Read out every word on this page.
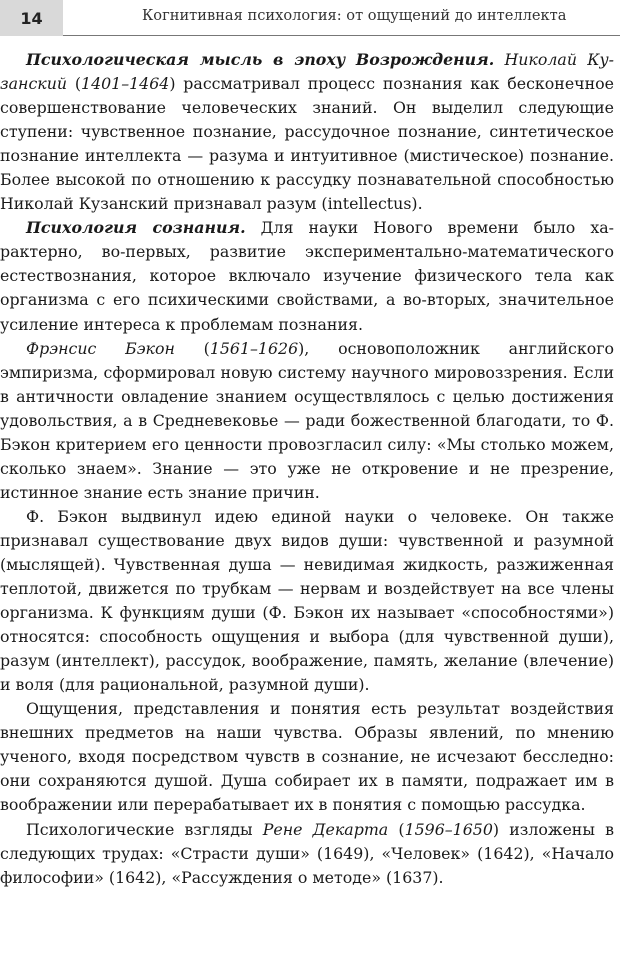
14	Когнитивная психология: от ощущений до интеллекта

Психологическая мысль в эпоху Возрождения. Николай Кузанский (1401–1464) рассматривал процесс познания как бесконечное совершенствование человеческих знаний. Он выделил следующие ступени: чувственное познание, рассудочное познание, синтетическое познание интеллекта — разума и интуитивное (мистическое) познание. Более высокой по отношению к рассудку познавательной способностью Николай Кузанский признавал разум (intellectus).

Психология сознания. Для науки Нового времени было характерно, во-первых, развитие экспериментально-математического естествознания, которое включало изучение физического тела как организма с его психическими свойствами, а во-вторых, значительное усиление интереса к проблемам познания.

Фрэнсис Бэкон (1561–1626), основоположник английского эмпиризма, сформировал новую систему научного мировоззрения. Если в античности овладение знанием осуществлялось с целью достижения удовольствия, а в Средневековье — ради божественной благодати, то Ф. Бэкон критерием его ценности провозгласил силу: «Мы столько можем, сколько знаем». Знание — это уже не откровение и не презрение, истинное знание есть знание причин.

Ф. Бэкон выдвинул идею единой науки о человеке. Он также признавал существование двух видов души: чувственной и разумной (мыслящей). Чувственная душа — невидимая жидкость, разжиженная теплотой, движется по трубкам — нервам и воздействует на все члены организма. К функциям души (Ф. Бэкон их называет «способностями») относятся: способность ощущения и выбора (для чувственной души), разум (интеллект), рассудок, воображение, память, желание (влечение) и воля (для рациональной, разумной души).

Ощущения, представления и понятия есть результат воздействия внешних предметов на наши чувства. Образы явлений, по мнению ученого, входя посредством чувств в сознание, не исчезают бесследно: они сохраняются душой. Душа собирает их в памяти, подражает им в воображении или перерабатывает их в понятия с помощью рассудка.

Психологические взгляды Рене Декарта (1596–1650) изложены в следующих трудах: «Страсти души» (1649), «Человек» (1642), «Начало философии» (1642), «Рассуждения о методе» (1637).
